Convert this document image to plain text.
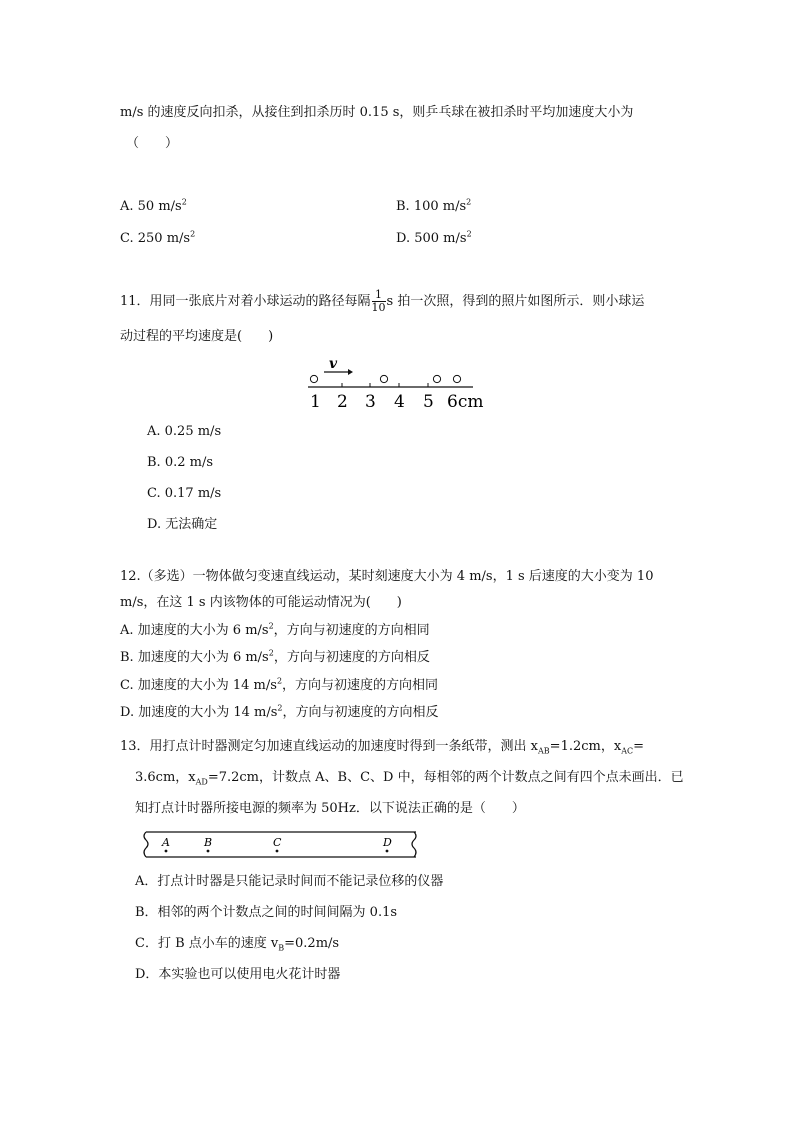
m/s 的速度反向扣杀，从接住到扣杀历时 0.15 s，则乒乓球在被扣杀时平均加速度大小为
（　　）
A. 50 $m/s^2$	B. 100 $m/s^2$
C. 250 $m/s^2$	D. 500 $m/s^2$
11．用同一张底片对着小球运动的路径每隔 $\frac{1}{10}$ s 拍一次照，得到的照片如图所示．则小球运
动过程的平均速度是(　　)
v
1 2 3 4 5 6cm
A. 0.25 m/s
B. 0.2 m/s
C. 0.17 m/s
D. 无法确定
12.（多选）一物体做匀变速直线运动，某时刻速度大小为 4 m/s，1 s 后速度的大小变为 10
m/s，在这 1 s 内该物体的可能运动情况为(　　)
A. 加速度的大小为 6 $m/s^2$，方向与初速度的方向相同
B. 加速度的大小为 6 $m/s^2$，方向与初速度的方向相反
C. 加速度的大小为 14 $m/s^2$，方向与初速度的方向相同
D. 加速度的大小为 14 $m/s^2$，方向与初速度的方向相反
13．用打点计时器测定匀加速直线运动的加速度时得到一条纸带，测出 $x_{AB}=1.2cm$，$x_{AC}=$
3.6cm，$x_{AD}=7.2cm$，计数点 A、B、C、D 中，每相邻的两个计数点之间有四个点未画出．已
知打点计时器所接电源的频率为 50Hz．以下说法正确的是（　　）
A	B	C	D
A．打点计时器是只能记录时间而不能记录位移的仪器
B．相邻的两个计数点之间的时间间隔为 0.1s
C．打 B 点小车的速度 $v_B=0.2m/s$
D．本实验也可以使用电火花计时器
